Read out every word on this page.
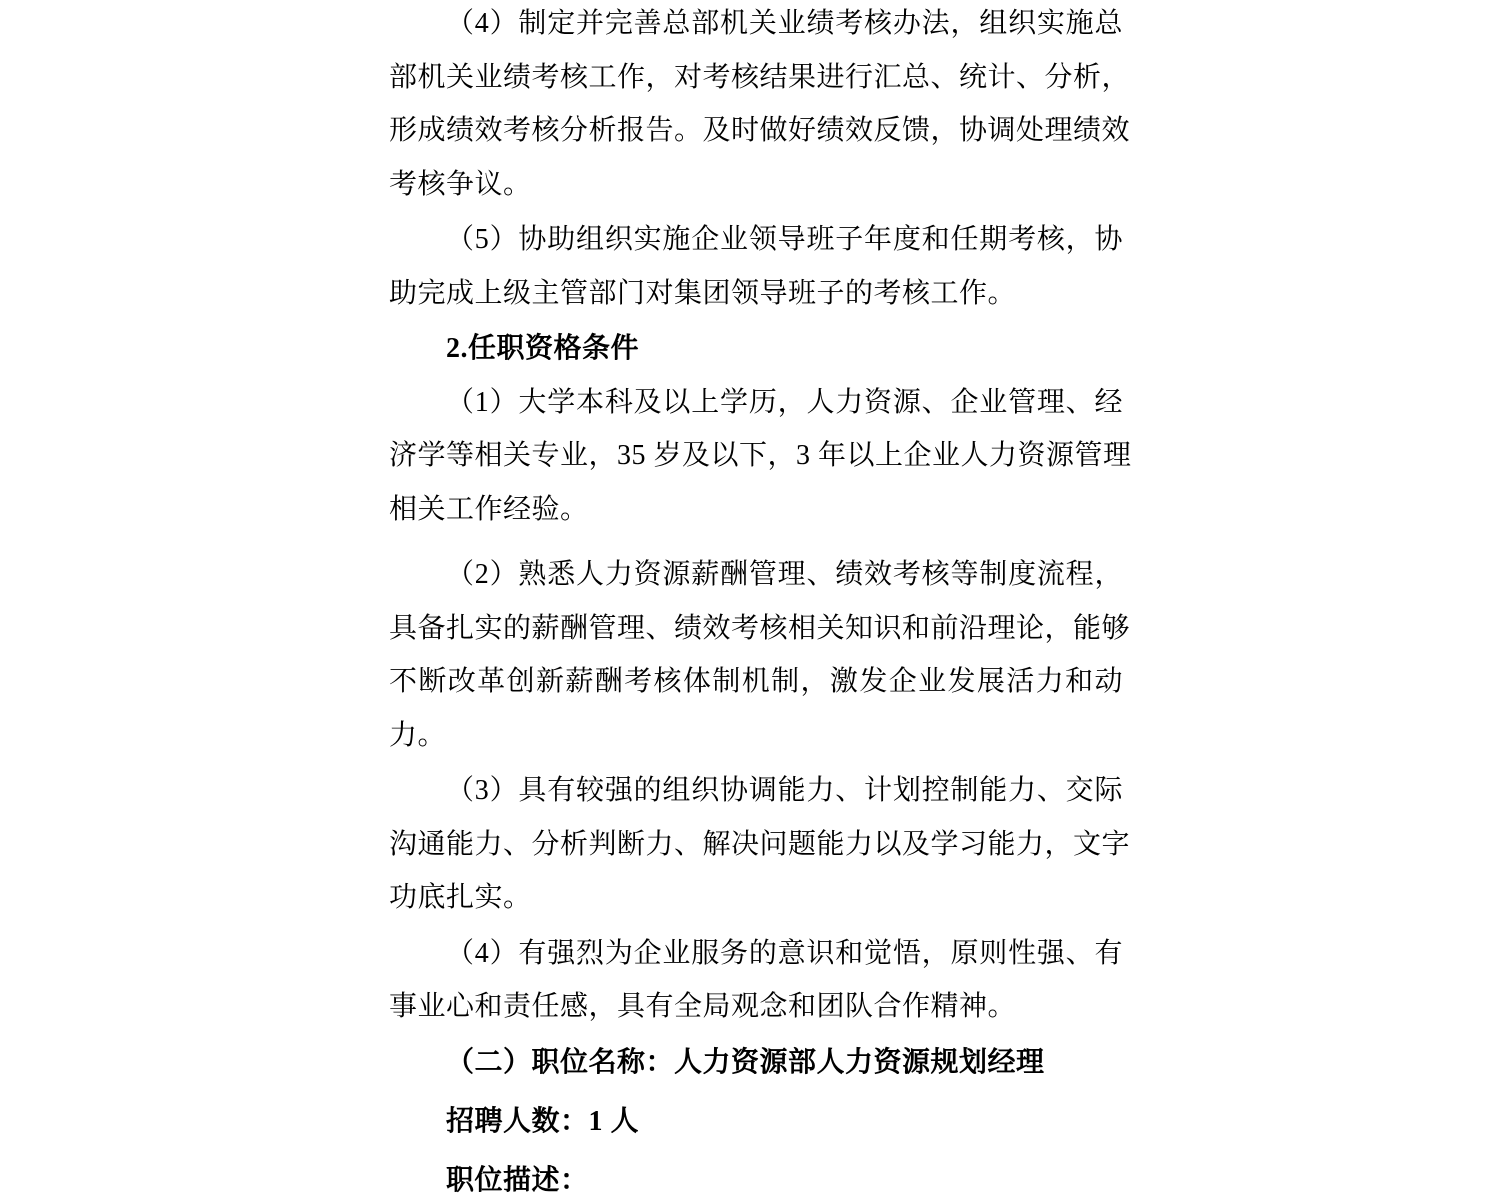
（4）制定并完善总部机关业绩考核办法，组织实施总
部机关业绩考核工作，对考核结果进行汇总、统计、分析，
形成绩效考核分析报告。及时做好绩效反馈，协调处理绩效
考核争议。
（5）协助组织实施企业领导班子年度和任期考核，协
助完成上级主管部门对集团领导班子的考核工作。
2.任职资格条件
（1）大学本科及以上学历，人力资源、企业管理、经
济学等相关专业，35 岁及以下，3 年以上企业人力资源管理
相关工作经验。
（2）熟悉人力资源薪酬管理、绩效考核等制度流程，
具备扎实的薪酬管理、绩效考核相关知识和前沿理论，能够
不断改革创新薪酬考核体制机制，激发企业发展活力和动
力。
（3）具有较强的组织协调能力、计划控制能力、交际
沟通能力、分析判断力、解决问题能力以及学习能力，文字
功底扎实。
（4）有强烈为企业服务的意识和觉悟，原则性强、有
事业心和责任感，具有全局观念和团队合作精神。
（二）职位名称：人力资源部人力资源规划经理
招聘人数：1 人
职位描述：
